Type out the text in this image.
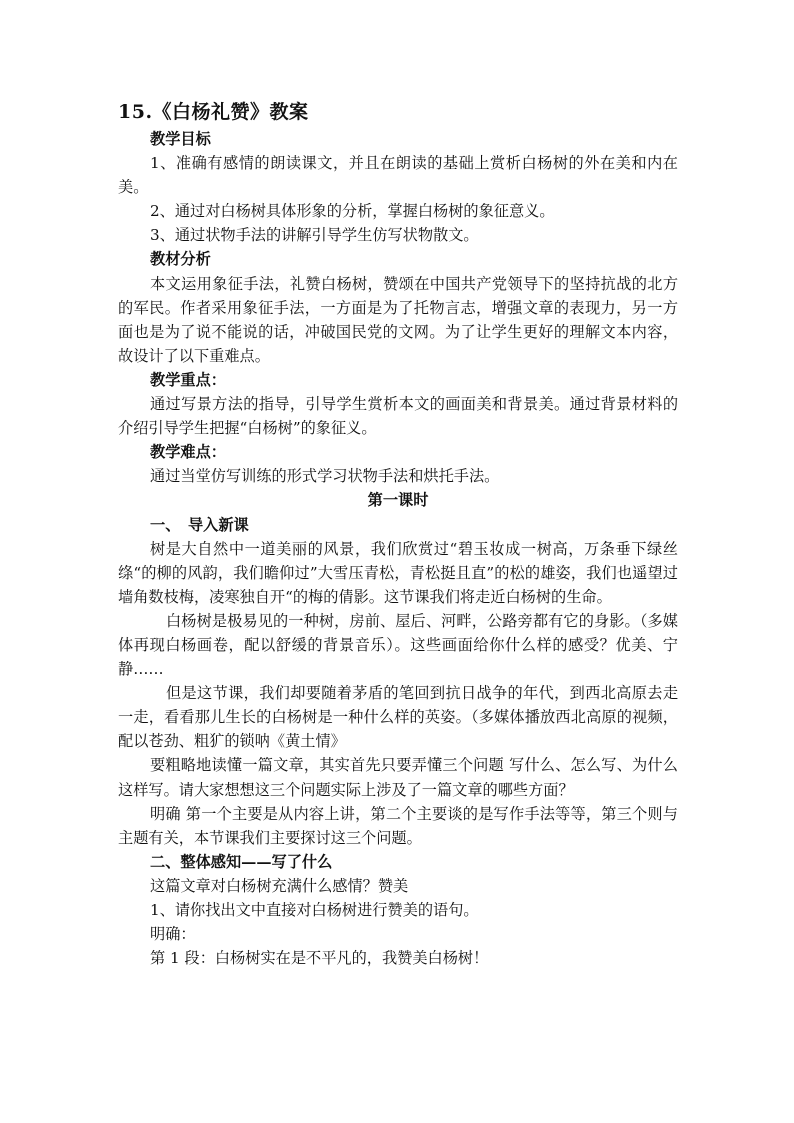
15.《白杨礼赞》教案

教学目标

1、准确有感情的朗读课文，并且在朗读的基础上赏析白杨树的外在美和内在美。

2、通过对白杨树具体形象的分析，掌握白杨树的象征意义。

3、通过状物手法的讲解引导学生仿写状物散文。

教材分析

本文运用象征手法，礼赞白杨树，赞颂在中国共产党领导下的坚持抗战的北方的军民。作者采用象征手法，一方面是为了托物言志，增强文章的表现力，另一方面也是为了说不能说的话，冲破国民党的文网。为了让学生更好的理解文本内容，故设计了以下重难点。

教学重点：

通过写景方法的指导，引导学生赏析本文的画面美和背景美。通过背景材料的介绍引导学生把握“白杨树”的象征义。

教学难点：

通过当堂仿写训练的形式学习状物手法和烘托手法。

第一课时

一、　导入新课

树是大自然中一道美丽的风景，我们欣赏过“碧玉妆成一树高，万条垂下绿丝绦“的柳的风韵，我们瞻仰过”大雪压青松，青松挺且直”的松的雄姿，我们也遥望过墙角数枝梅，凌寒独自开“的梅的倩影。这节课我们将走近白杨树的生命。

白杨树是极易见的一种树，房前、屋后、河畔，公路旁都有它的身影。（多媒体再现白杨画卷，配以舒缓的背景音乐）。这些画面给你什么样的感受？优美、宁静……

但是这节课，我们却要随着茅盾的笔回到抗日战争的年代，到西北高原去走一走，看看那儿生长的白杨树是一种什么样的英姿。（多媒体播放西北高原的视频，配以苍劲、粗犷的锁呐《黄土情》

要粗略地读懂一篇文章，其实首先只要弄懂三个问题 写什么、怎么写、为什么这样写。请大家想想这三个问题实际上涉及了一篇文章的哪些方面？

明确 第一个主要是从内容上讲，第二个主要谈的是写作手法等等，第三个则与主题有关，本节课我们主要探讨这三个问题。

二、整体感知——写了什么

这篇文章对白杨树充满什么感情？赞美

1、请你找出文中直接对白杨树进行赞美的语句。

明确：

第 1 段：白杨树实在是不平凡的，我赞美白杨树！
